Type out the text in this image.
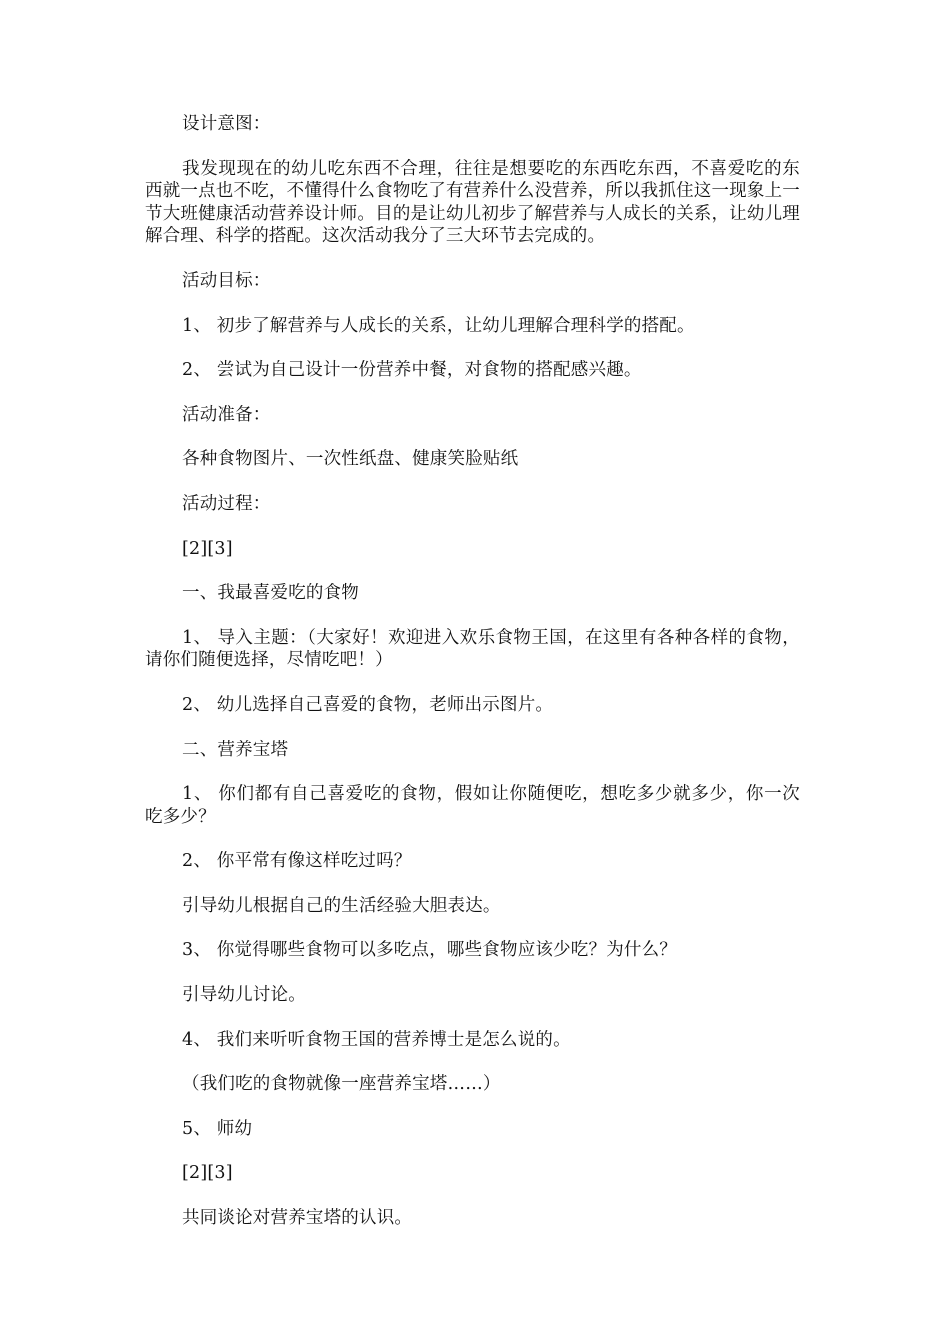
设计意图：

我发现现在的幼儿吃东西不合理，往往是想要吃的东西吃东西，不喜爱吃的东西就一点也不吃，不懂得什么食物吃了有营养什么没营养，所以我抓住这一现象上一节大班健康活动营养设计师。目的是让幼儿初步了解营养与人成长的关系，让幼儿理解合理、科学的搭配。这次活动我分了三大环节去完成的。

活动目标：

1、 初步了解营养与人成长的关系，让幼儿理解合理科学的搭配。

2、 尝试为自己设计一份营养中餐，对食物的搭配感兴趣。

活动准备：

各种食物图片、一次性纸盘、健康笑脸贴纸

活动过程：

[2][3]

一、我最喜爱吃的食物

1、 导入主题：（大家好！欢迎进入欢乐食物王国，在这里有各种各样的食物，请你们随便选择，尽情吃吧！）

2、 幼儿选择自己喜爱的食物，老师出示图片。

二、营养宝塔

1、 你们都有自己喜爱吃的食物，假如让你随便吃，想吃多少就多少，你一次吃多少？

2、 你平常有像这样吃过吗？

引导幼儿根据自己的生活经验大胆表达。

3、 你觉得哪些食物可以多吃点，哪些食物应该少吃？为什么？

引导幼儿讨论。

4、 我们来听听食物王国的营养博士是怎么说的。

（我们吃的食物就像一座营养宝塔……）

5、 师幼

[2][3]

共同谈论对营养宝塔的认识。
